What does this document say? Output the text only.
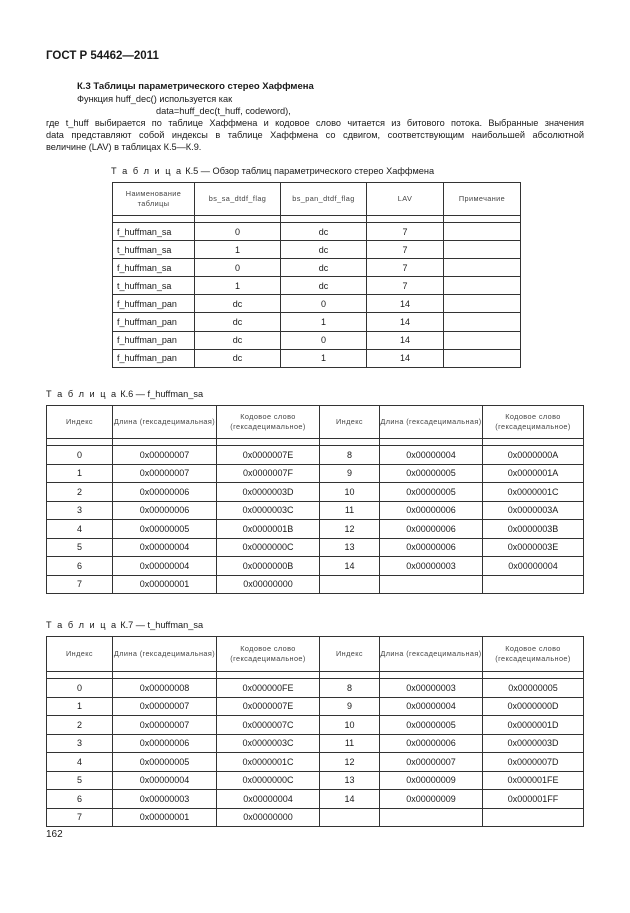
ГОСТ Р 54462—2011
К.3 Таблицы параметрического стерео Хаффмена
Функция huff_dec() используется как
data=huff_dec(t_huff, codeword),
где t_huff выбирается по таблице Хаффмена и кодовое слово читается из битового потока. Выбранные значения
data представляют собой индексы в таблице Хаффмена со сдвигом, соответствующим наибольшей абсолютной
величине (LAV) в таблицах К.5—К.9.
Т а б л и ц а К.5 — Обзор таблиц параметрического стерео Хаффмена
Наименование таблицы	bs_sa_dtdf_flag	bs_pan_dtdf_flag	LAV	Примечание

f_huffman_sa	0	dc	7	
t_huffman_sa	1	dc	7	
f_huffman_sa	0	dc	7	
t_huffman_sa	1	dc	7	
f_huffman_pan	dc	0	14	
f_huffman_pan	dc	1	14	
f_huffman_pan	dc	0	14	
f_huffman_pan	dc	1	14	
Т а б л и ц а К.6 — f_huffman_sa
Индекс	Длина (гексадецимальная)	Кодовое слово (гексадецимальное)	Индекс	Длина (гексадецимальная)	Кодовое слово (гексадецимальное)

0	0x00000007	0x0000007E	8	0x00000004	0x0000000A
1	0x00000007	0x0000007F	9	0x00000005	0x0000001A
2	0x00000006	0x0000003D	10	0x00000005	0x0000001C
3	0x00000006	0x0000003C	11	0x00000006	0x0000003A
4	0x00000005	0x0000001B	12	0x00000006	0x0000003B
5	0x00000004	0x0000000C	13	0x00000006	0x0000003E
6	0x00000004	0x0000000B	14	0x00000003	0x00000004
7	0x00000001	0x00000000			
Т а б л и ц а К.7 — t_huffman_sa
Индекс	Длина (гексадецимальная)	Кодовое слово (гексадецимальное)	Индекс	Длина (гексадецимальная)	Кодовое слово (гексадецимальное)

0	0x00000008	0x000000FE	8	0x00000003	0x00000005
1	0x00000007	0x0000007E	9	0x00000004	0x0000000D
2	0x00000007	0x0000007C	10	0x00000005	0x0000001D
3	0x00000006	0x0000003C	11	0x00000006	0x0000003D
4	0x00000005	0x0000001C	12	0x00000007	0x0000007D
5	0x00000004	0x0000000C	13	0x00000009	0x000001FE
6	0x00000003	0x00000004	14	0x00000009	0x000001FF
7	0x00000001	0x00000000			
162
